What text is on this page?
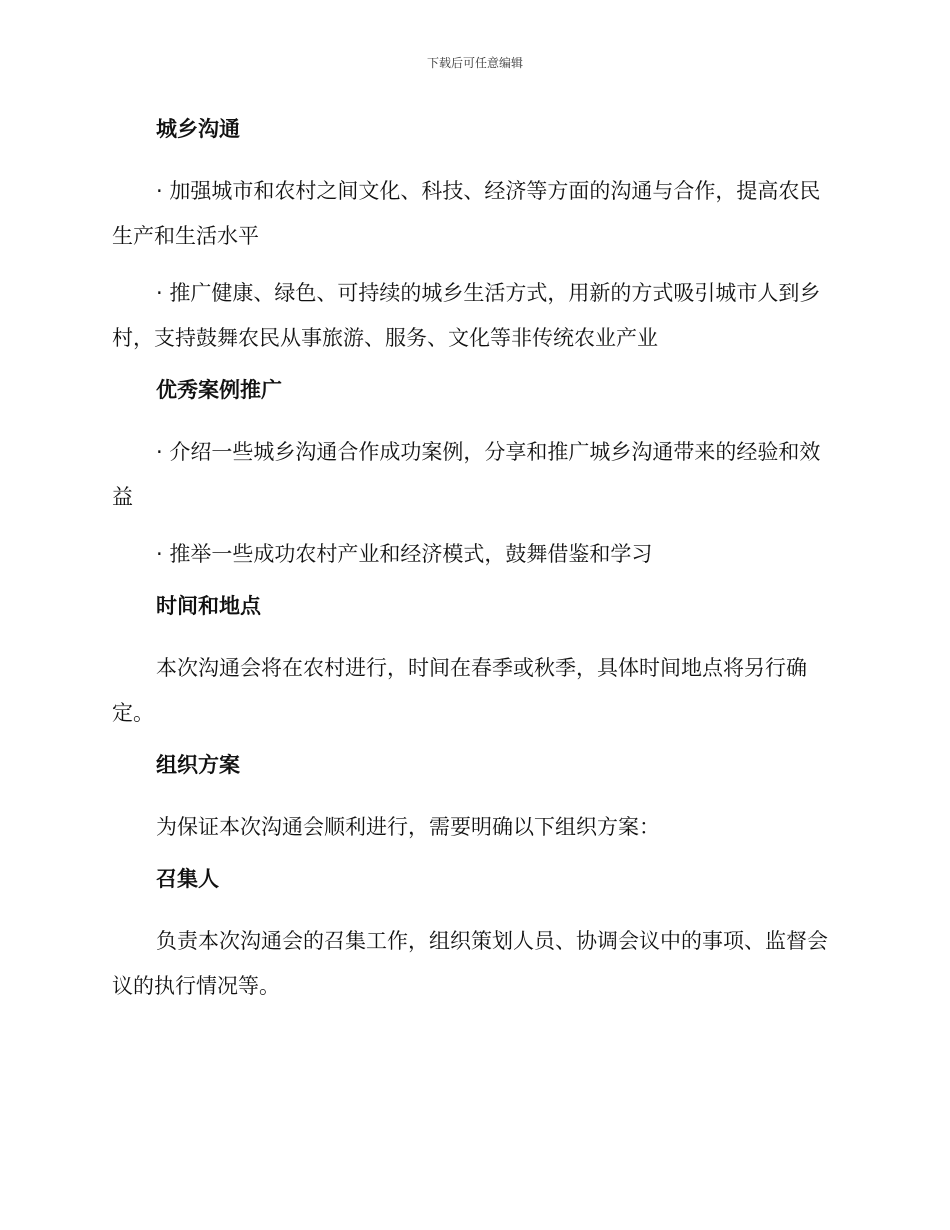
下载后可任意编辑
城乡沟通

· 加强城市和农村之间文化、科技、经济等方面的沟通与合作，提高农民生产和生活水平

· 推广健康、绿色、可持续的城乡生活方式，用新的方式吸引城市人到乡村，支持鼓舞农民从事旅游、服务、文化等非传统农业产业

优秀案例推广

· 介绍一些城乡沟通合作成功案例，分享和推广城乡沟通带来的经验和效益

· 推举一些成功农村产业和经济模式，鼓舞借鉴和学习

时间和地点

本次沟通会将在农村进行，时间在春季或秋季，具体时间地点将另行确定。

组织方案

为保证本次沟通会顺利进行，需要明确以下组织方案：

召集人

负责本次沟通会的召集工作，组织策划人员、协调会议中的事项、监督会议的执行情况等。
